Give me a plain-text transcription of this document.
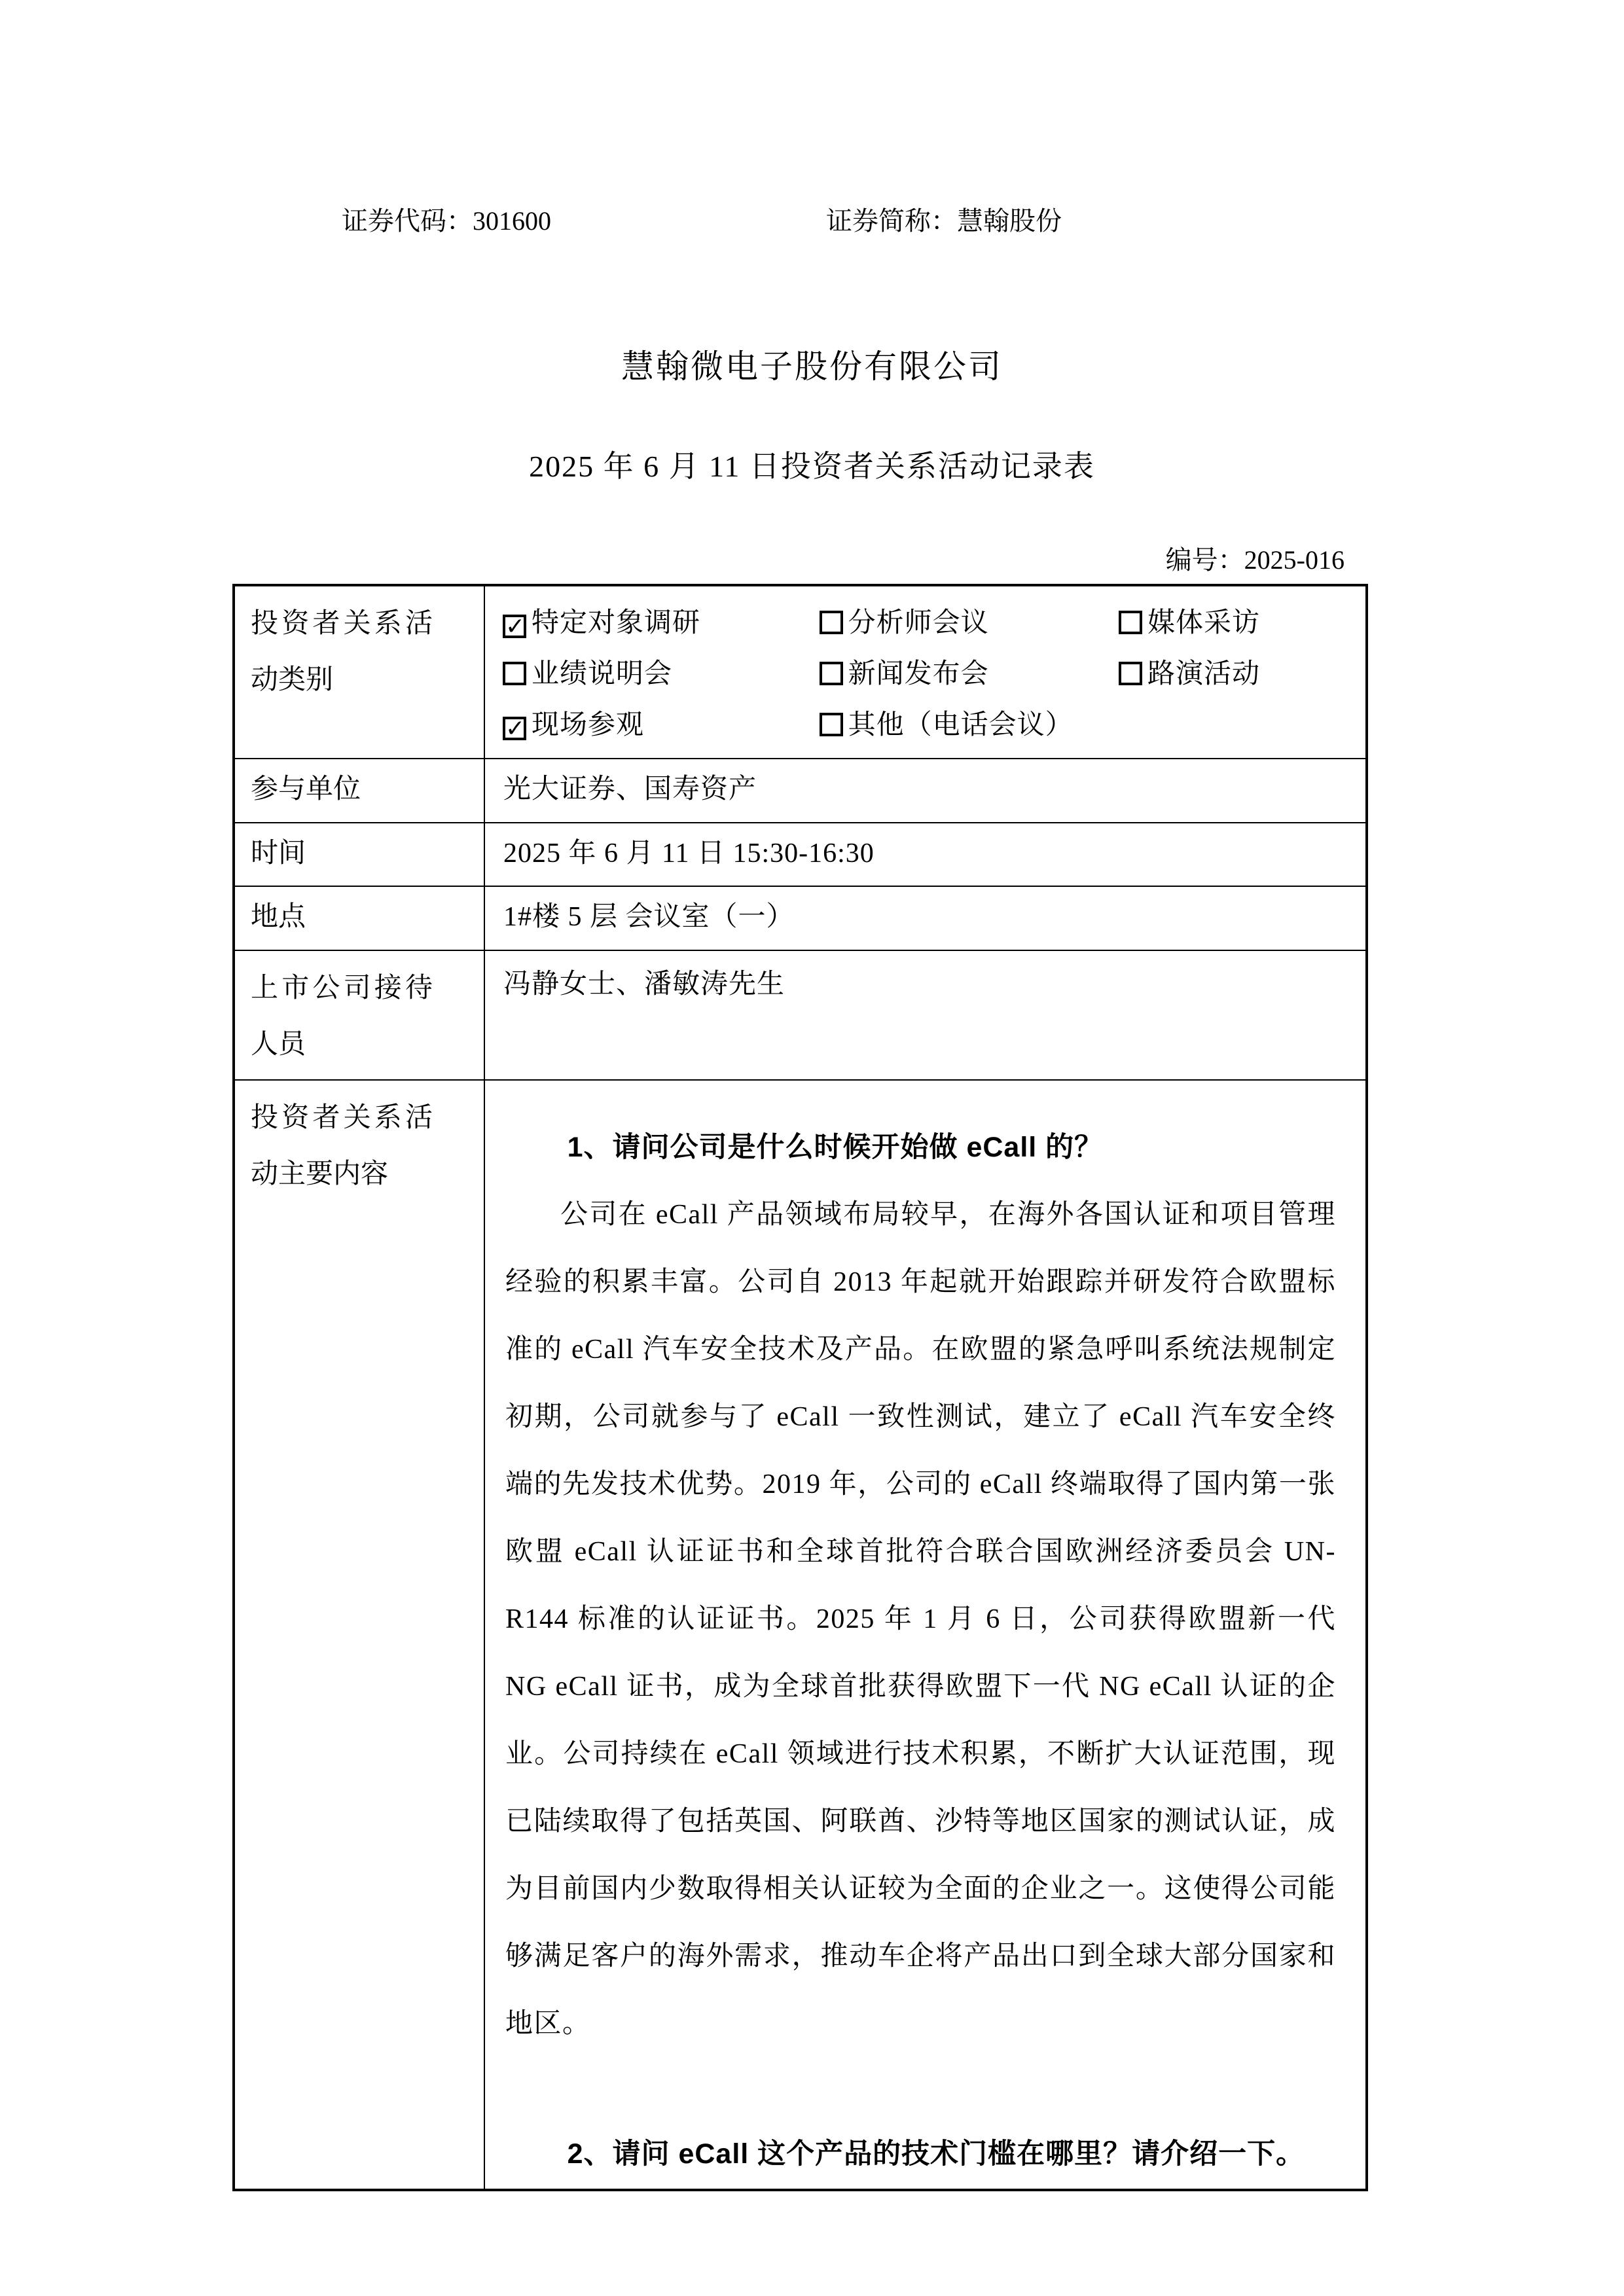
证券代码：301600	证券简称：慧翰股份
慧翰微电子股份有限公司
2025 年 6 月 11 日投资者关系活动记录表
编号：2025-016
投资者关系活动类别	
✓ 特定对象调研	分析师会议	媒体采访
业绩说明会	新闻发布会	路演活动
✓ 现场参观	其他（电话会议）

参与单位	光大证券、国寿资产
时间	2025 年 6 月 11 日 15:30-16:30
地点	1#楼 5 层 会议室（一）
上市公司接待人员	冯静女士、潘敏涛先生
投资者关系活动主要内容	1、请问公司是什么时候开始做 eCall 的？
公司在 eCall 产品领域布局较早，在海外各国认证和项目管理经验的积累丰富。公司自 2013 年起就开始跟踪并研发符合欧盟标准的 eCall 汽车安全技术及产品。在欧盟的紧急呼叫系统法规制定初期，公司就参与了 eCall 一致性测试，建立了 eCall 汽车安全终端的先发技术优势。2019 年，公司的 eCall 终端取得了国内第一张欧盟 eCall 认证证书和全球首批符合联合国欧洲经济委员会 UN-R144 标准的认证证书。2025 年 1 月 6 日，公司获得欧盟新一代 NG eCall 证书，成为全球首批获得欧盟下一代 NG eCall 认证的企业。公司持续在 eCall 领域进行技术积累，不断扩大认证范围，现已陆续取得了包括英国、阿联酋、沙特等地区国家的测试认证，成为目前国内少数取得相关认证较为全面的企业之一。这使得公司能够满足客户的海外需求，推动车企将产品出口到全球大部分国家和地区。
2、请问 eCall 这个产品的技术门槛在哪里？请介绍一下。
